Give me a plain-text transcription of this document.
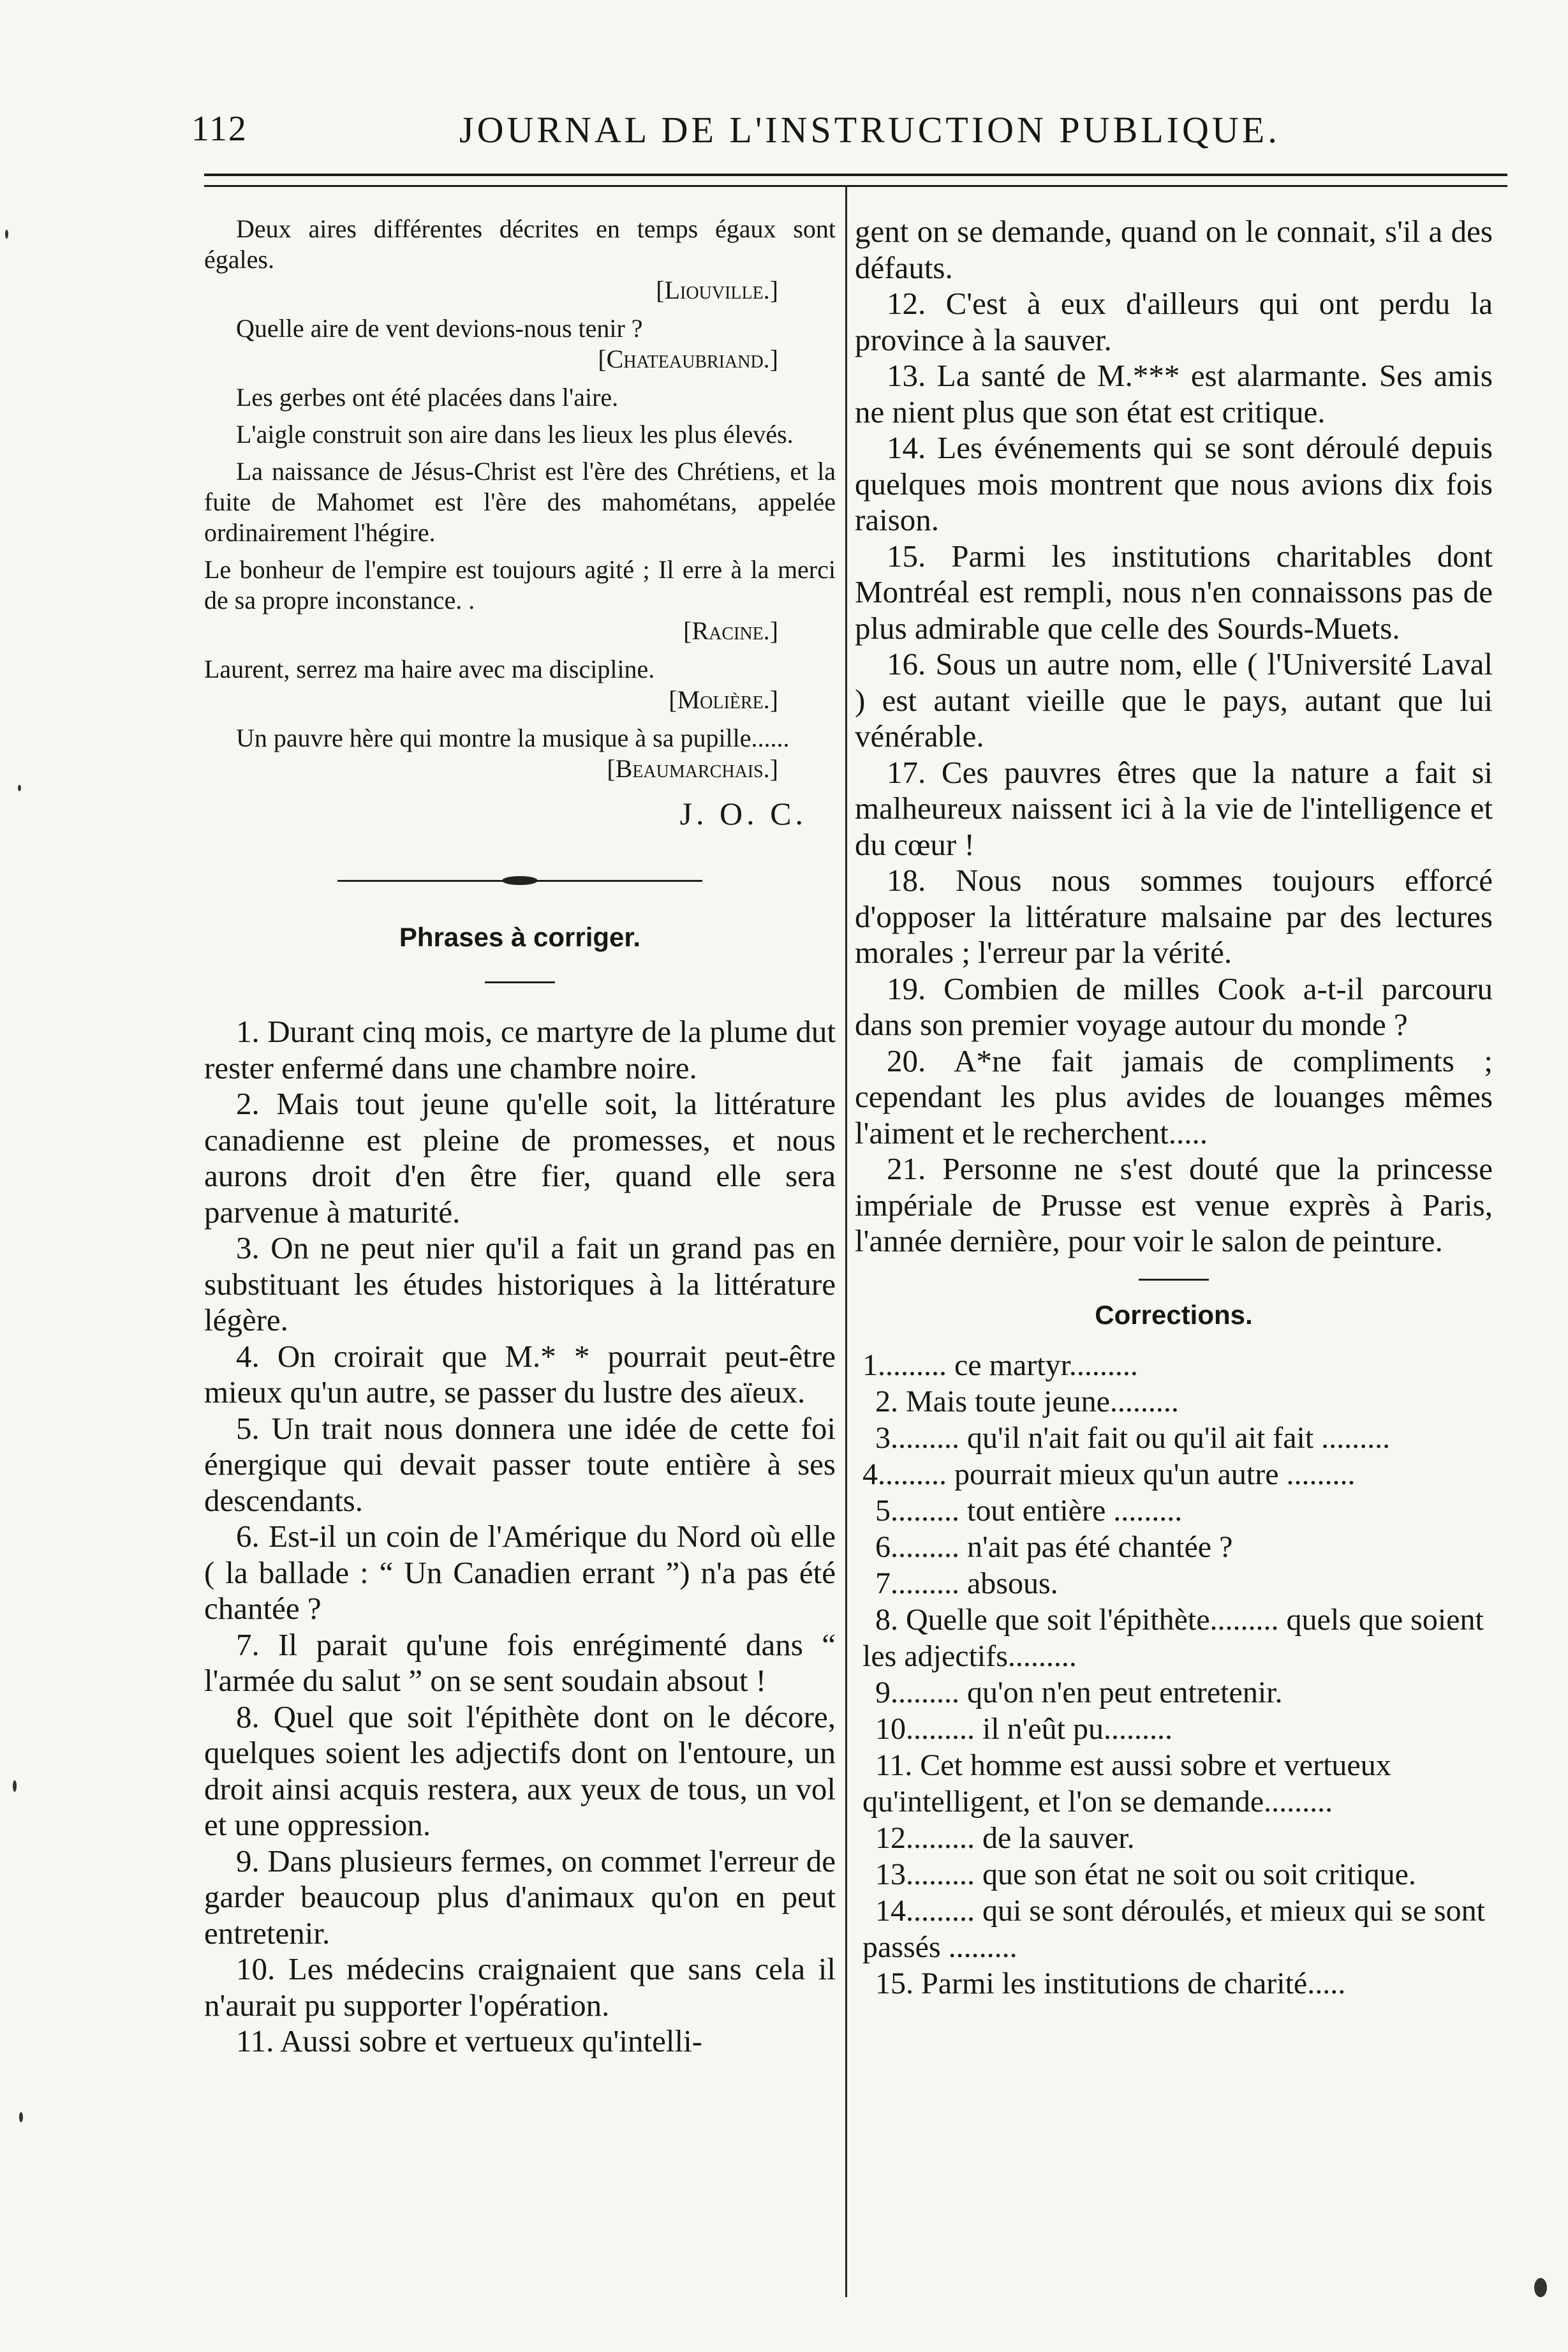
112	JOURNAL DE L'INSTRUCTION PUBLIQUE.

Deux aires différentes décrites en temps égaux sont égales.

[Liouville.]

Quelle aire de vent devions-nous tenir ?

[Chateaubriand.]

Les gerbes ont été placées dans l'aire.

L'aigle construit son aire dans les lieux les plus élevés.

La naissance de Jésus-Christ est l'ère des Chrétiens, et la fuite de Mahomet est l'ère des mahométans, appelée ordinairement l'hégire.

Le bonheur de l'empire est toujours agité ; Il erre à la merci de sa propre inconstance. .

[Racine.]

Laurent, serrez ma haire avec ma discipline.

[Molière.]

Un pauvre hère qui montre la musique à sa pupille......

[Beaumarchais.]

J. O. C.

Phrases à corriger.

1. Durant cinq mois, ce martyre de la plume dut rester enfermé dans une chambre noire.

2. Mais tout jeune qu'elle soit, la littérature canadienne est pleine de promesses, et nous aurons droit d'en être fier, quand elle sera parvenue à maturité.

3. On ne peut nier qu'il a fait un grand pas en substituant les études historiques à la littérature légère.

4. On croirait que M.* * pourrait peut-être mieux qu'un autre, se passer du lustre des aïeux.

5. Un trait nous donnera une idée de cette foi énergique qui devait passer toute entière à ses descendants.

6. Est-il un coin de l'Amérique du Nord où elle ( la ballade : “ Un Canadien errant ”) n'a pas été chantée ?

7. Il parait qu'une fois enrégimenté dans “ l'armée du salut ” on se sent soudain absout !

8. Quel que soit l'épithète dont on le décore, quelques soient les adjectifs dont on l'entoure, un droit ainsi acquis restera, aux yeux de tous, un vol et une oppression.

9. Dans plusieurs fermes, on commet l'erreur de garder beaucoup plus d'animaux qu'on en peut entretenir.

10. Les médecins craignaient que sans cela il n'aurait pu supporter l'opération.

11. Aussi sobre et vertueux qu'intelli-

gent on se demande, quand on le connait, s'il a des défauts.

12. C'est à eux d'ailleurs qui ont perdu la province à la sauver.

13. La santé de M.*** est alarmante. Ses amis ne nient plus que son état est critique.

14. Les événements qui se sont déroulé depuis quelques mois montrent que nous avions dix fois raison.

15. Parmi les institutions charitables dont Montréal est rempli, nous n'en connaissons pas de plus admirable que celle des Sourds-Muets.

16. Sous un autre nom, elle ( l'Université Laval ) est autant vieille que le pays, autant que lui vénérable.

17. Ces pauvres êtres que la nature a fait si malheureux naissent ici à la vie de l'intelligence et du cœur !

18. Nous nous sommes toujours efforcé d'opposer la littérature malsaine par des lectures morales ; l'erreur par la vérité.

19. Combien de milles Cook a-t-il parcouru dans son premier voyage autour du monde ?

20. A*ne fait jamais de compliments ; cependant les plus avides de louanges mêmes l'aiment et le recherchent.....

21. Personne ne s'est douté que la princesse impériale de Prusse est venue exprès à Paris, l'année dernière, pour voir le salon de peinture.

Corrections.

1......... ce martyr.........

2. Mais toute jeune.........

3......... qu'il n'ait fait ou qu'il ait fait .........

4......... pourrait mieux qu'un autre .........

5......... tout entière .........

6......... n'ait pas été chantée ?

7......... absous.

8. Quelle que soit l'épithète......... quels que soient les adjectifs.........

9......... qu'on n'en peut entretenir.

10......... il n'eût pu.........

11. Cet homme est aussi sobre et vertueux qu'intelligent, et l'on se demande.........

12......... de la sauver.

13......... que son état ne soit ou soit critique.

14......... qui se sont déroulés, et mieux qui se sont passés .........

15. Parmi les institutions de charité.....
